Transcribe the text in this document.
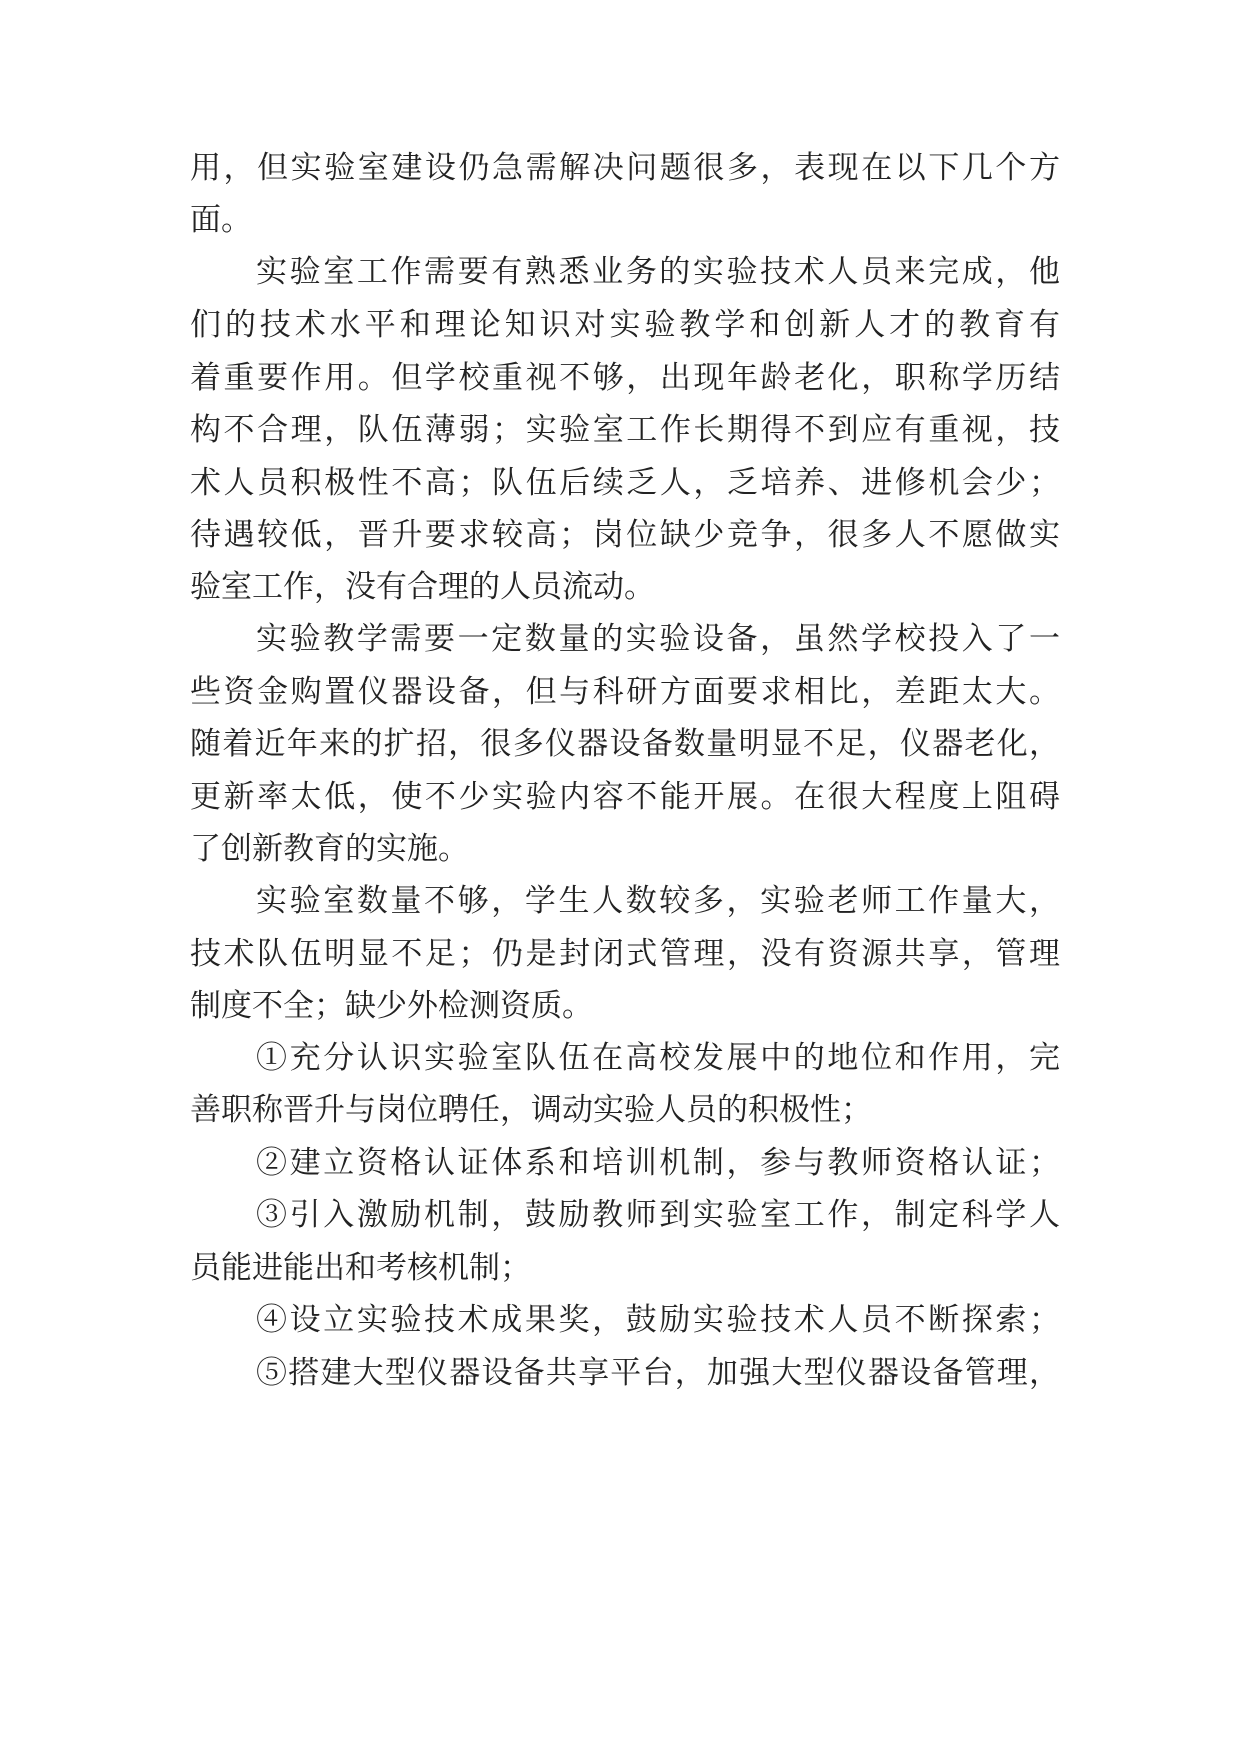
用，但实验室建设仍急需解决问题很多，表现在以下几个方

面。

实验室工作需要有熟悉业务的实验技术人员来完成，他

们的技术水平和理论知识对实验教学和创新人才的教育有

着重要作用。但学校重视不够，出现年龄老化，职称学历结

构不合理，队伍薄弱；实验室工作长期得不到应有重视，技

术人员积极性不高；队伍后续乏人，乏培养、进修机会少；

待遇较低，晋升要求较高；岗位缺少竞争，很多人不愿做实

验室工作，没有合理的人员流动。

实验教学需要一定数量的实验设备，虽然学校投入了一

些资金购置仪器设备，但与科研方面要求相比，差距太大。

随着近年来的扩招，很多仪器设备数量明显不足，仪器老化，

更新率太低，使不少实验内容不能开展。在很大程度上阻碍

了创新教育的实施。

实验室数量不够，学生人数较多，实验老师工作量大，

技术队伍明显不足；仍是封闭式管理，没有资源共享，管理

制度不全；缺少外检测资质。

①充分认识实验室队伍在高校发展中的地位和作用，完

善职称晋升与岗位聘任，调动实验人员的积极性；

②建立资格认证体系和培训机制，参与教师资格认证；

③引入激励机制，鼓励教师到实验室工作，制定科学人

员能进能出和考核机制；

④设立实验技术成果奖，鼓励实验技术人员不断探索；

⑤搭建大型仪器设备共享平台，加强大型仪器设备管理，
